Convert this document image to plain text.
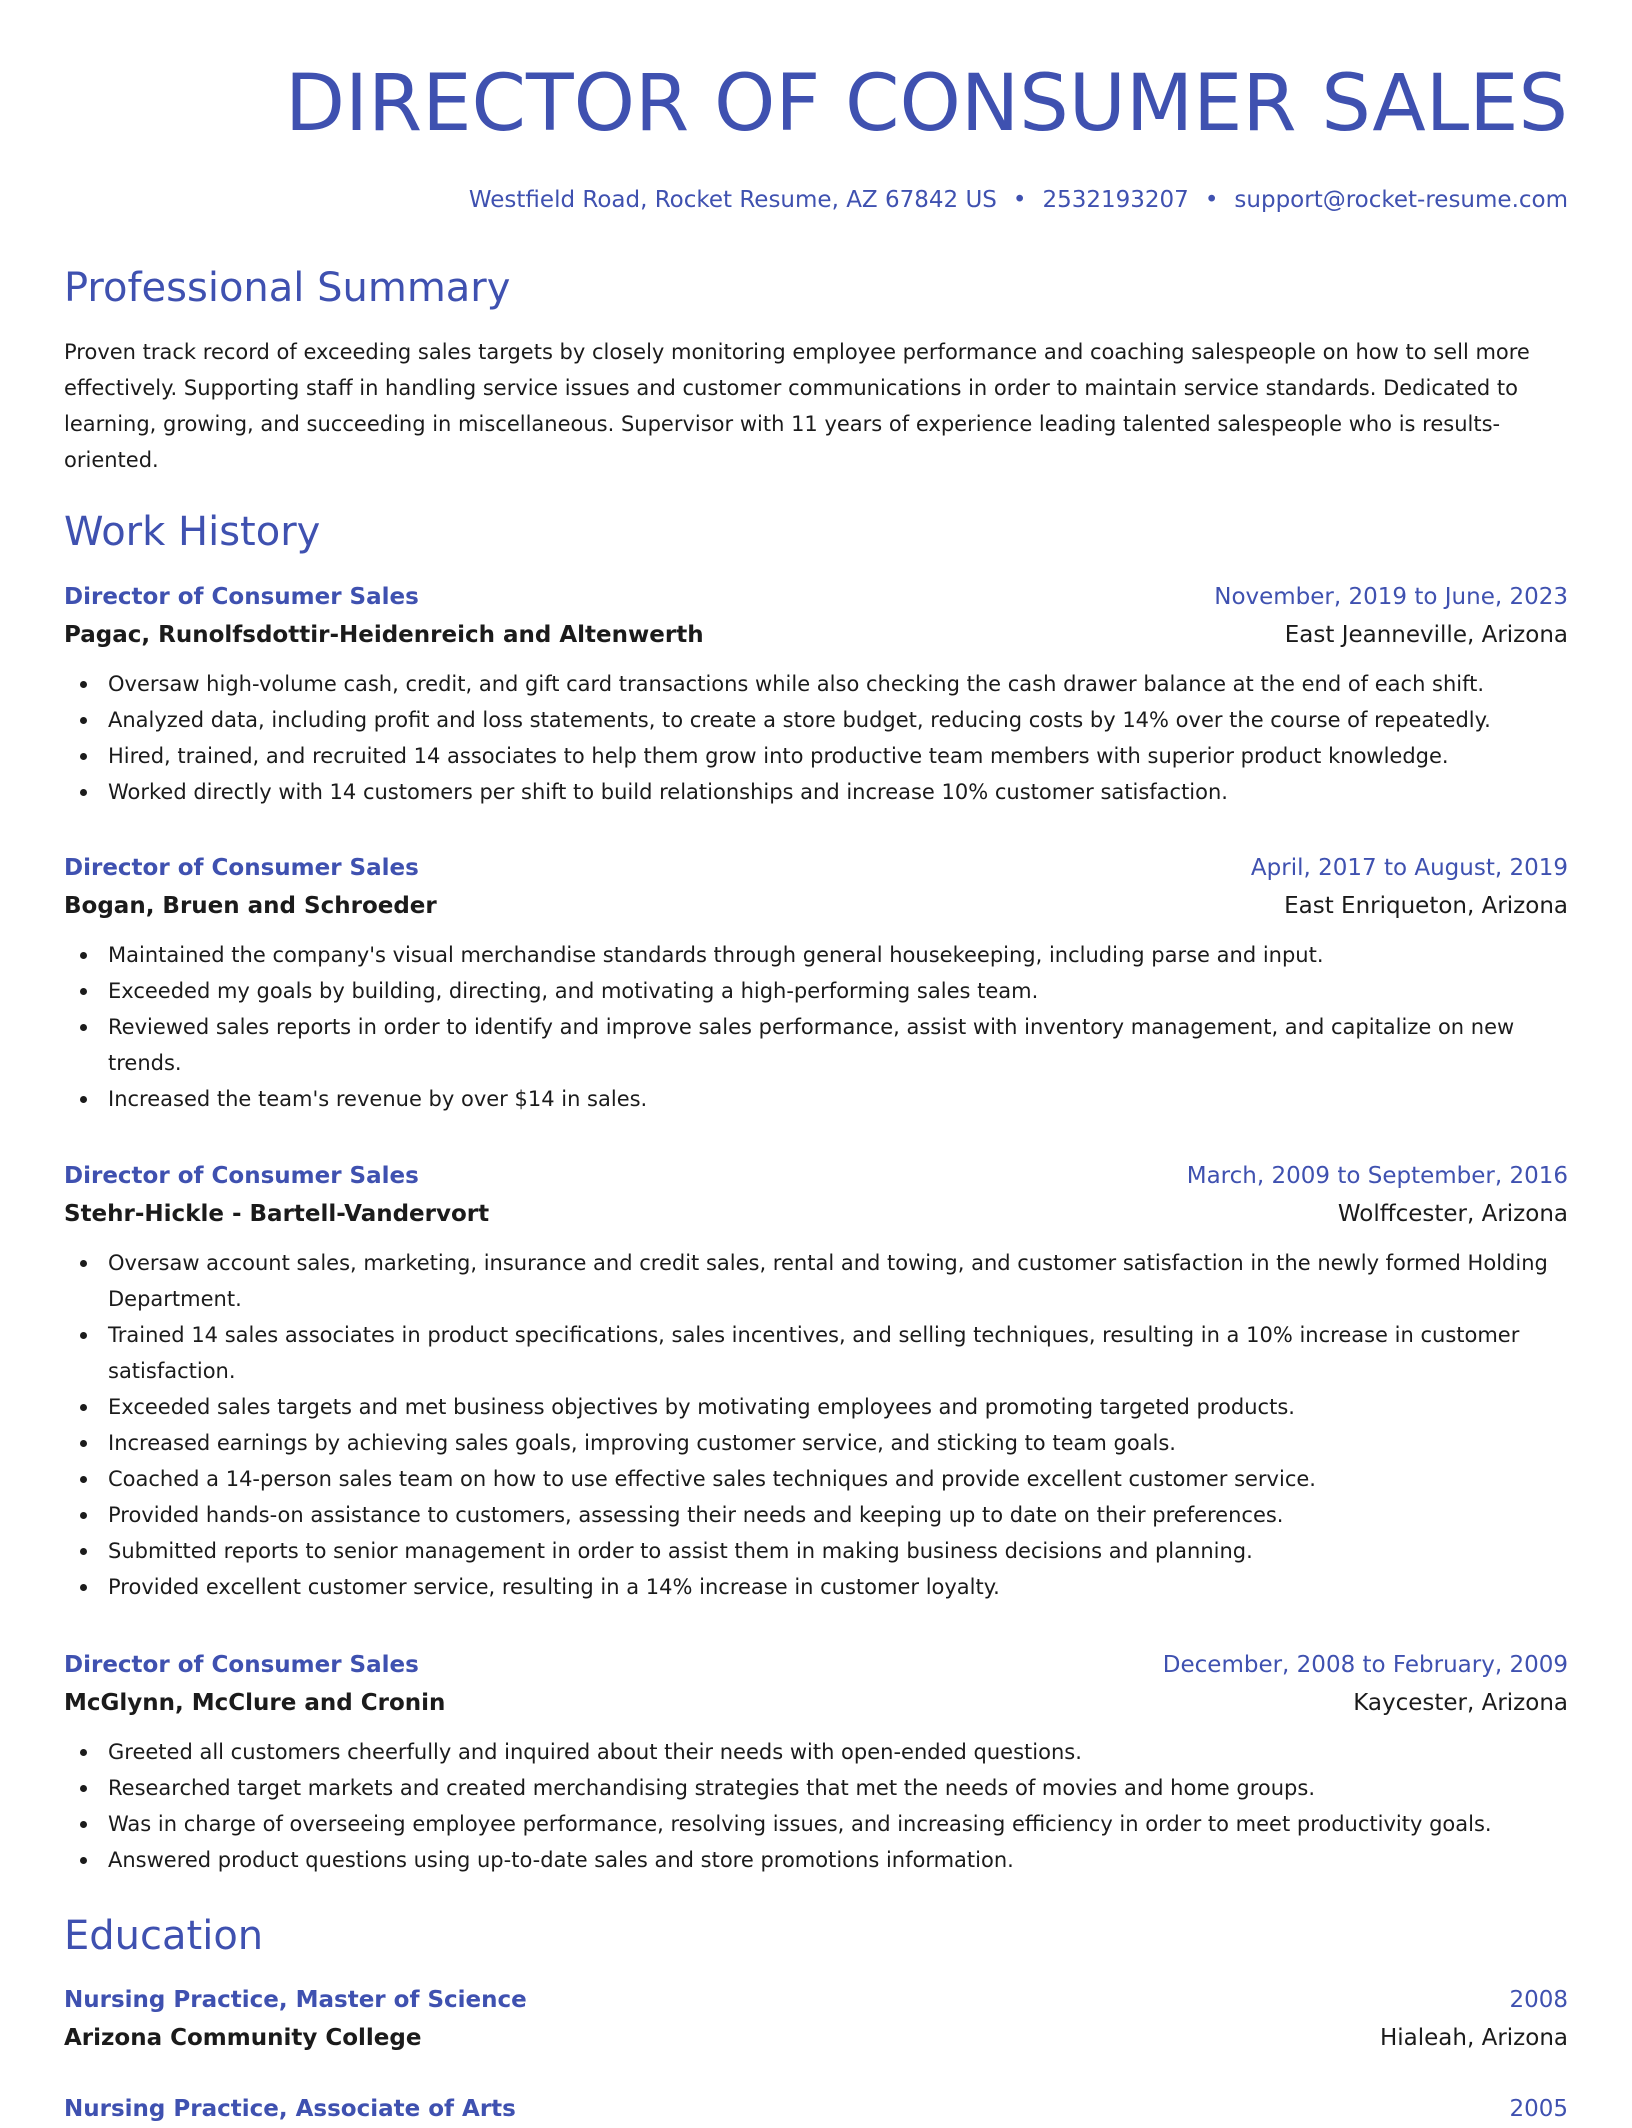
DIRECTOR OF CONSUMER SALES
Westfield Road, Rocket Resume, AZ 67842 US • 2532193207 • support@rocket-resume.com
Professional Summary
Proven track record of exceeding sales targets by closely monitoring employee performance and coaching salespeople on how to sell more effectively. Supporting staff in handling service issues and customer communications in order to maintain service standards. Dedicated to learning, growing, and succeeding in miscellaneous. Supervisor with 11 years of experience leading talented salespeople who is results-oriented.
Work History
Director of Consumer Sales	November, 2019 to June, 2023
Pagac, Runolfsdottir-Heidenreich and Altenwerth	East Jeanneville, Arizona
Oversaw high-volume cash, credit, and gift card transactions while also checking the cash drawer balance at the end of each shift.
Analyzed data, including profit and loss statements, to create a store budget, reducing costs by 14% over the course of repeatedly.
Hired, trained, and recruited 14 associates to help them grow into productive team members with superior product knowledge.
Worked directly with 14 customers per shift to build relationships and increase 10% customer satisfaction.
Director of Consumer Sales	April, 2017 to August, 2019
Bogan, Bruen and Schroeder	East Enriqueton, Arizona
Maintained the company's visual merchandise standards through general housekeeping, including parse and input.
Exceeded my goals by building, directing, and motivating a high-performing sales team.
Reviewed sales reports in order to identify and improve sales performance, assist with inventory management, and capitalize on new trends.
Increased the team's revenue by over $14 in sales.
Director of Consumer Sales	March, 2009 to September, 2016
Stehr-Hickle - Bartell-Vandervort	Wolffcester, Arizona
Oversaw account sales, marketing, insurance and credit sales, rental and towing, and customer satisfaction in the newly formed Holding Department.
Trained 14 sales associates in product specifications, sales incentives, and selling techniques, resulting in a 10% increase in customer satisfaction.
Exceeded sales targets and met business objectives by motivating employees and promoting targeted products.
Increased earnings by achieving sales goals, improving customer service, and sticking to team goals.
Coached a 14-person sales team on how to use effective sales techniques and provide excellent customer service.
Provided hands-on assistance to customers, assessing their needs and keeping up to date on their preferences.
Submitted reports to senior management in order to assist them in making business decisions and planning.
Provided excellent customer service, resulting in a 14% increase in customer loyalty.
Director of Consumer Sales	December, 2008 to February, 2009
McGlynn, McClure and Cronin	Kaycester, Arizona
Greeted all customers cheerfully and inquired about their needs with open-ended questions.
Researched target markets and created merchandising strategies that met the needs of movies and home groups.
Was in charge of overseeing employee performance, resolving issues, and increasing efficiency in order to meet productivity goals.
Answered product questions using up-to-date sales and store promotions information.
Education
Nursing Practice, Master of Science	2008
Arizona Community College	Hialeah, Arizona
Nursing Practice, Associate of Arts	2005
